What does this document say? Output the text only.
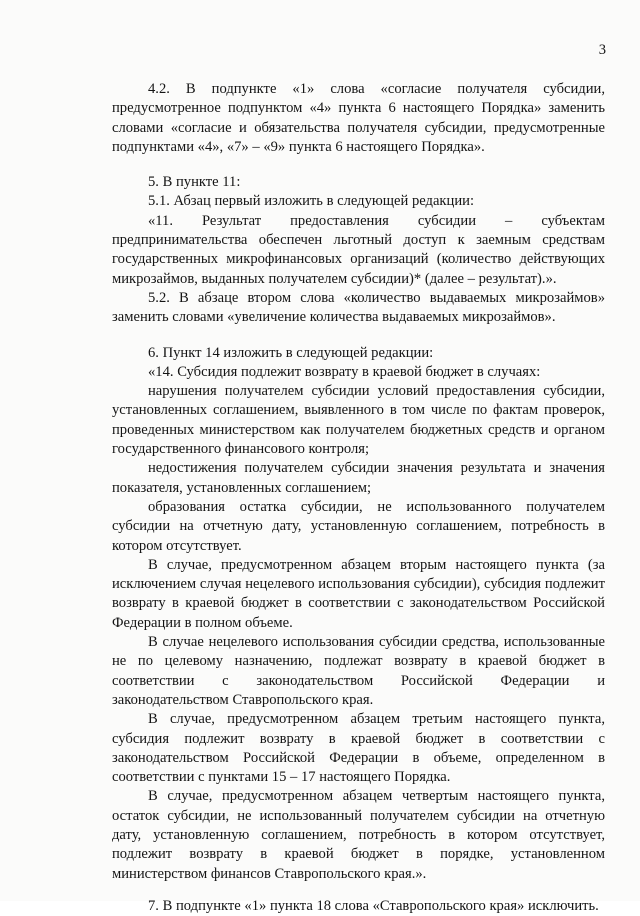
3

4.2. В подпункте «1» слова «согласие получателя субсидии, предусмотренное подпунктом «4» пункта 6 настоящего Порядка» заменить словами «согласие и обязательства получателя субсидии, предусмотренные подпунктами «4», «7» – «9» пункта 6 настоящего Порядка».

5. В пункте 11:

5.1. Абзац первый изложить в следующей редакции:

«11. Результат предоставления субсидии – субъектам предпринимательства обеспечен льготный доступ к заемным средствам государственных микрофинансовых организаций (количество действующих микрозаймов, выданных получателем субсидии)* (далее – результат).».

5.2. В абзаце втором слова «количество выдаваемых микрозаймов» заменить словами «увеличение количества выдаваемых микрозаймов».

6. Пункт 14 изложить в следующей редакции:

«14. Субсидия подлежит возврату в краевой бюджет в случаях:

нарушения получателем субсидии условий предоставления субсидии, установленных соглашением, выявленного в том числе по фактам проверок, проведенных министерством как получателем бюджетных средств и органом государственного финансового контроля;

недостижения получателем субсидии значения результата и значения показателя, установленных соглашением;

образования остатка субсидии, не использованного получателем субсидии на отчетную дату, установленную соглашением, потребность в котором отсутствует.

В случае, предусмотренном абзацем вторым настоящего пункта (за исключением случая нецелевого использования субсидии), субсидия подлежит возврату в краевой бюджет в соответствии с законодательством Российской Федерации в полном объеме.

В случае нецелевого использования субсидии средства, использованные не по целевому назначению, подлежат возврату в краевой бюджет в соответствии с законодательством Российской Федерации и законодательством Ставропольского края.

В случае, предусмотренном абзацем третьим настоящего пункта, субсидия подлежит возврату в краевой бюджет в соответствии с законодательством Российской Федерации в объеме, определенном в соответствии с пунктами 15 – 17 настоящего Порядка.

В случае, предусмотренном абзацем четвертым настоящего пункта, остаток субсидии, не использованный получателем субсидии на отчетную дату, установленную соглашением, потребность в котором отсутствует, подлежит возврату в краевой бюджет в порядке, установленном министерством финансов Ставропольского края.».

7. В подпункте «1» пункта 18 слова «Ставропольского края» исключить.
